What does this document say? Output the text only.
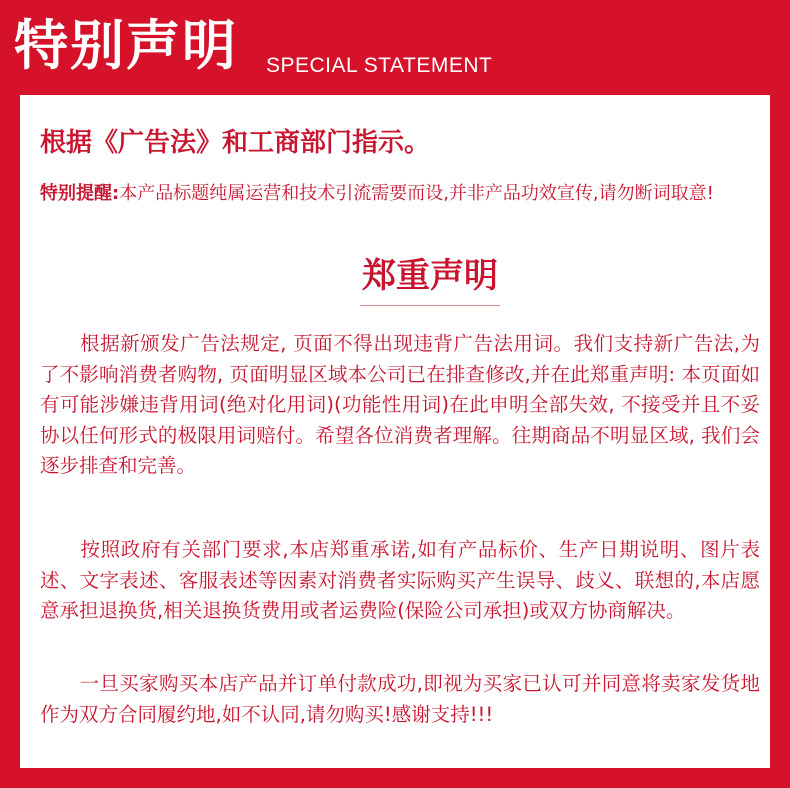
特别声明 SPECIAL STATEMENT
根据《广告法》和工商部门指示。
特别提醒:本产品标题纯属运营和技术引流需要而设,并非产品功效宣传,请勿断词取意!
郑重声明
　　根据新颁发广告法规定, 页面不得出现违背广告法用词。我们支持新广告法,为了不影响消费者购物, 页面明显区域本公司已在排查修改,并在此郑重声明: 本页面如有可能涉嫌违背用词(绝对化用词)(功能性用词)在此申明全部失效, 不接受并且不妥协以任何形式的极限用词赔付。希望各位消费者理解。往期商品不明显区域, 我们会逐步排查和完善。
　　按照政府有关部门要求,本店郑重承诺,如有产品标价、生产日期说明、图片表述、文字表述、客服表述等因素对消费者实际购买产生误导、歧义、联想的,本店愿意承担退换货,相关退换货费用或者运费险(保险公司承担)或双方协商解决。
　　一旦买家购买本店产品并订单付款成功,即视为买家已认可并同意将卖家发货地作为双方合同履约地,如不认同,请勿购买!感谢支持!!!
